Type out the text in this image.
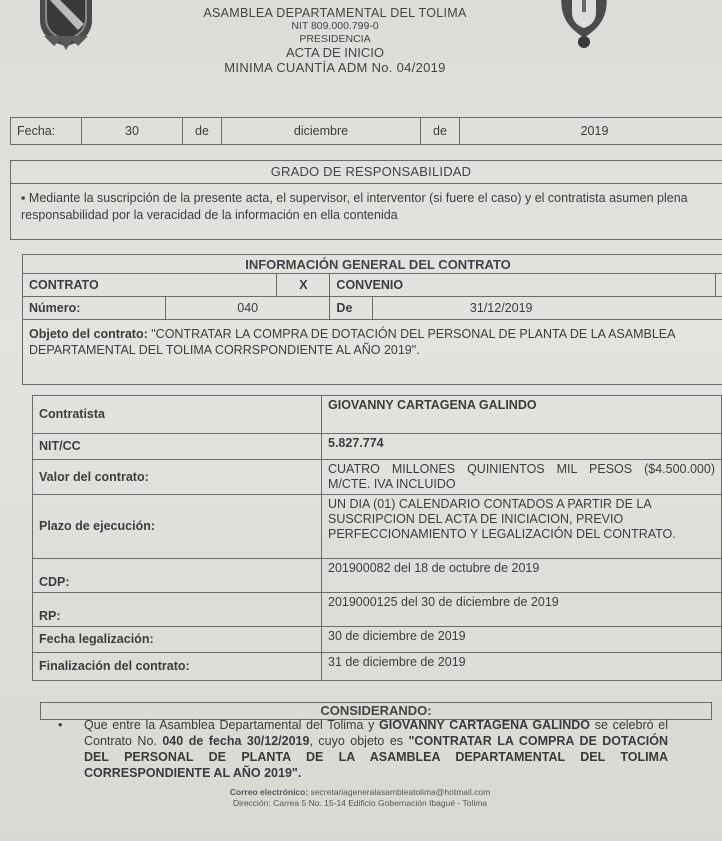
ASAMBLEA DEPARTAMENTAL DEL TOLIMA
NIT 809.000.799-0
PRESIDENCIA
ACTA DE INICIO
MINIMA CUANTÍA ADM No. 04/2019
Fecha:	30	de	diciembre	de	2019
GRADO DE RESPONSABILIDAD
▪ Mediante la suscripción de la presente acta, el supervisor, el interventor (si fuere el caso) y el contratista asumen plena responsabilidad por la veracidad de la información en ella contenida
INFORMACIÓN GENERAL DEL CONTRATO					
CONTRATO		X	CONVENIO		
Número:	040		De	31/12/2019	
Objeto del contrato: "CONTRATAR LA COMPRA DE DOTACIÓN DEL PERSONAL DE PLANTA DE LA ASAMBLEA DEPARTAMENTAL DEL TOLIMA CORRSPONDIENTE AL AÑO 2019".					
Contratista	GIOVANNY CARTAGENA GALINDO
NIT/CC	5.827.774
Valor del contrato:	CUATRO MILLONES QUINIENTOS MIL PESOS ($4.500.000) M/CTE. IVA INCLUIDO
Plazo de ejecución:	UN DIA (01) CALENDARIO CONTADOS A PARTIR DE LA SUSCRIPCION DEL ACTA DE INICIACION, PREVIO PERFECCIONAMIENTO Y LEGALIZACIÓN DEL CONTRATO.
CDP:	201900082 del 18 de octubre de 2019
RP:	2019000125 del 30 de diciembre de 2019
Fecha legalización:	30 de diciembre de 2019
Finalización del contrato:	31 de diciembre de 2019
CONSIDERANDO:
• Que entre la Asamblea Departamental del Tolima y GIOVANNY CARTAGENA GALINDO se celebró el Contrato No. 040 de fecha 30/12/2019, cuyo objeto es "CONTRATAR LA COMPRA DE DOTACIÓN DEL PERSONAL DE PLANTA DE LA ASAMBLEA DEPARTAMENTAL DEL TOLIMA CORRESPONDIENTE AL AÑO 2019".
Correo electrónico: secretariageneralasambleatolima@hotmail.com
Dirección: Carrea 5 No. 15-14 Edificio Gobernación Ibagué - Tolima
